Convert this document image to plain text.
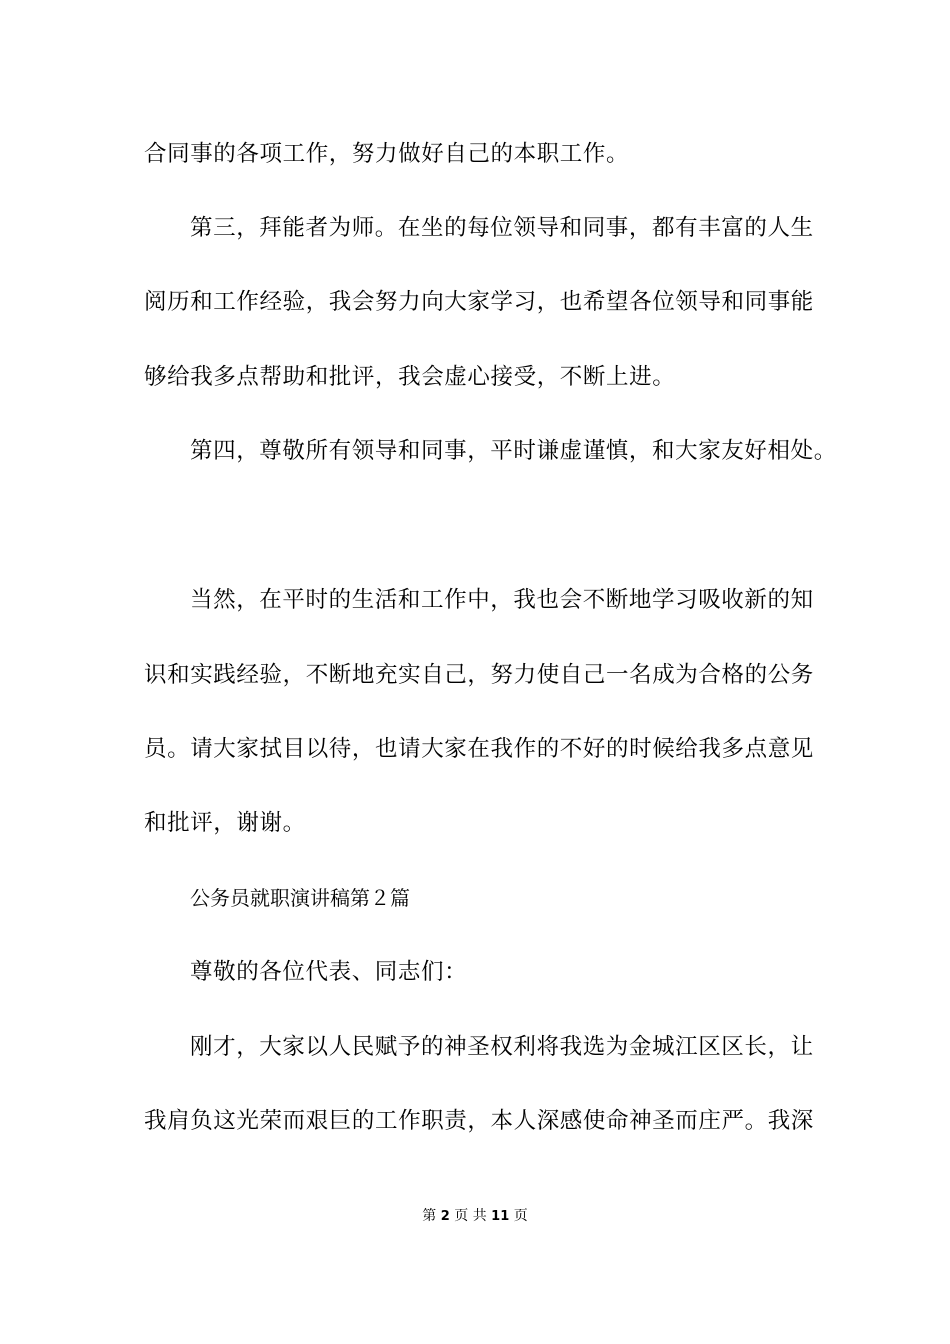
合同事的各项工作，努力做好自己的本职工作。
第三，拜能者为师。在坐的每位领导和同事，都有丰富的人生
阅历和工作经验，我会努力向大家学习，也希望各位领导和同事能
够给我多点帮助和批评，我会虚心接受，不断上进。
第四，尊敬所有领导和同事，平时谦虚谨慎，和大家友好相处。
当然，在平时的生活和工作中，我也会不断地学习吸收新的知
识和实践经验，不断地充实自己，努力使自己一名成为合格的公务
员。请大家拭目以待，也请大家在我作的不好的时候给我多点意见
和批评，谢谢。
公务员就职演讲稿第２篇
尊敬的各位代表、同志们：
刚才，大家以人民赋予的神圣权利将我选为金城江区区长，让
我肩负这光荣而艰巨的工作职责，本人深感使命神圣而庄严。我深
第 2 页 共 11 页
